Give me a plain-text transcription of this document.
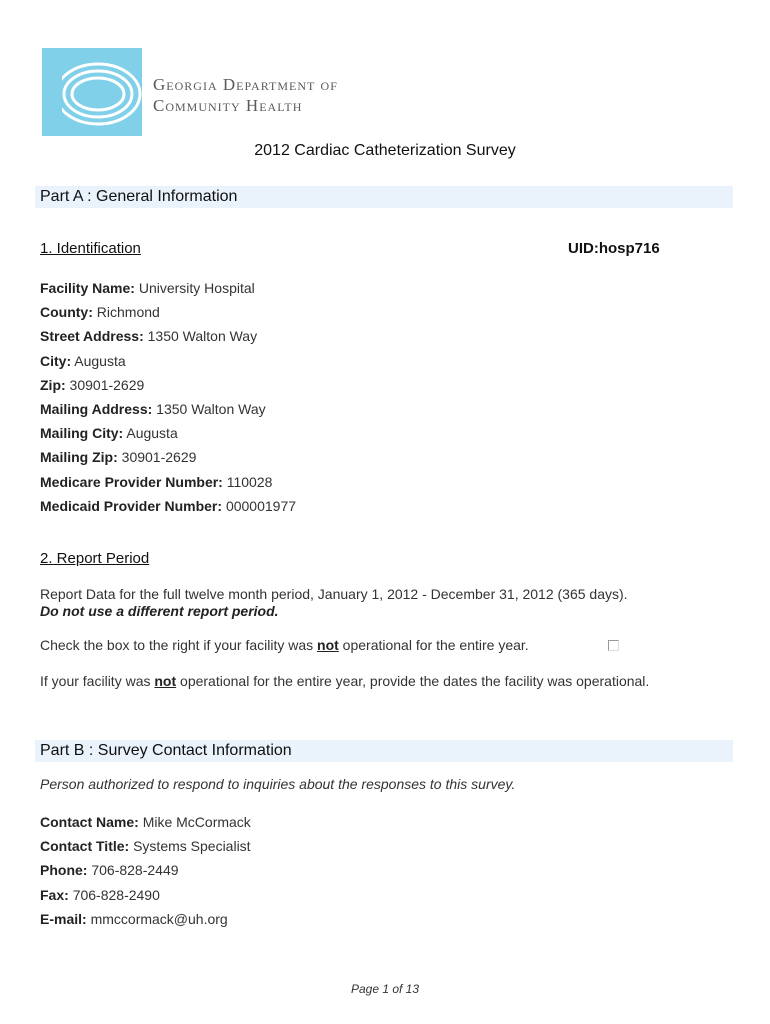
Georgia Department of
Community Health
2012 Cardiac Catheterization Survey
Part A : General Information
1. Identification	UID:hosp716
Facility Name: University Hospital
County: Richmond
Street Address: 1350 Walton Way
City: Augusta
Zip: 30901-2629
Mailing Address: 1350 Walton Way
Mailing City: Augusta
Mailing Zip: 30901-2629
Medicare Provider Number: 110028
Medicaid Provider Number: 000001977
2. Report Period
Report Data for the full twelve month period, January 1, 2012 - December 31, 2012 (365 days).
Do not use a different report period.
Check the box to the right if your facility was not operational for the entire year.
If your facility was not operational for the entire year, provide the dates the facility was operational.
Part B : Survey Contact Information
Person authorized to respond to inquiries about the responses to this survey.
Contact Name: Mike McCormack
Contact Title: Systems Specialist
Phone: 706-828-2449
Fax: 706-828-2490
E-mail: mmccormack@uh.org
Page 1 of 13
